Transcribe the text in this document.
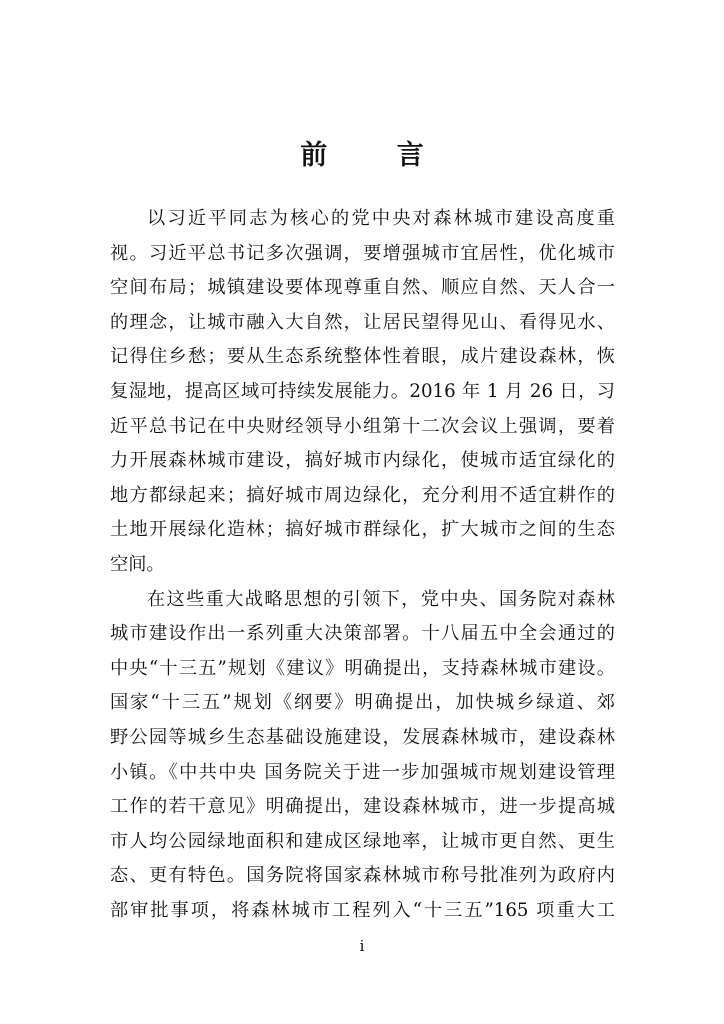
前 言
以习近平同志为核心的党中央对森林城市建设高度重
视。习近平总书记多次强调，要增强城市宜居性，优化城市
空间布局；城镇建设要体现尊重自然、顺应自然、天人合一
的理念，让城市融入大自然，让居民望得见山、看得见水、
记得住乡愁；要从生态系统整体性着眼，成片建设森林，恢
复湿地，提高区域可持续发展能力。2016 年 1 月 26 日，习
近平总书记在中央财经领导小组第十二次会议上强调，要着
力开展森林城市建设，搞好城市内绿化，使城市适宜绿化的
地方都绿起来；搞好城市周边绿化，充分利用不适宜耕作的
土地开展绿化造林；搞好城市群绿化，扩大城市之间的生态
空间。
在这些重大战略思想的引领下，党中央、国务院对森林
城市建设作出一系列重大决策部署。十八届五中全会通过的
中央“十三五”规划《建议》明确提出，支持森林城市建设。
国家“十三五”规划《纲要》明确提出，加快城乡绿道、郊
野公园等城乡生态基础设施建设，发展森林城市，建设森林
小镇。《中共中央 国务院关于进一步加强城市规划建设管理
工作的若干意见》明确提出，建设森林城市，进一步提高城
市人均公园绿地面积和建成区绿地率，让城市更自然、更生
态、更有特色。国务院将国家森林城市称号批准列为政府内
部审批事项，将森林城市工程列入“十三五”165 项重大工
i
